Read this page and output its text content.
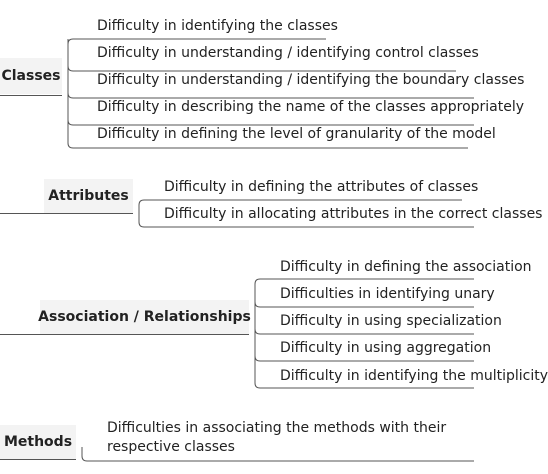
Classes
Difficulty in identifying the classes
Difficulty in understanding / identifying control classes
Difficulty in understanding / identifying the boundary classes
Difficulty in describing the name of the classes appropriately
Difficulty in defining the level of granularity of the model
Attributes
Difficulty in defining the attributes of classes
Difficulty in allocating attributes in the correct classes
Association / Relationships
Difficulty in defining the association
Difficulties in identifying unary
Difficulty in using specialization
Difficulty in using aggregation
Difficulty in identifying the multiplicity
Methods
Difficulties in associating the methods with their respective classes
